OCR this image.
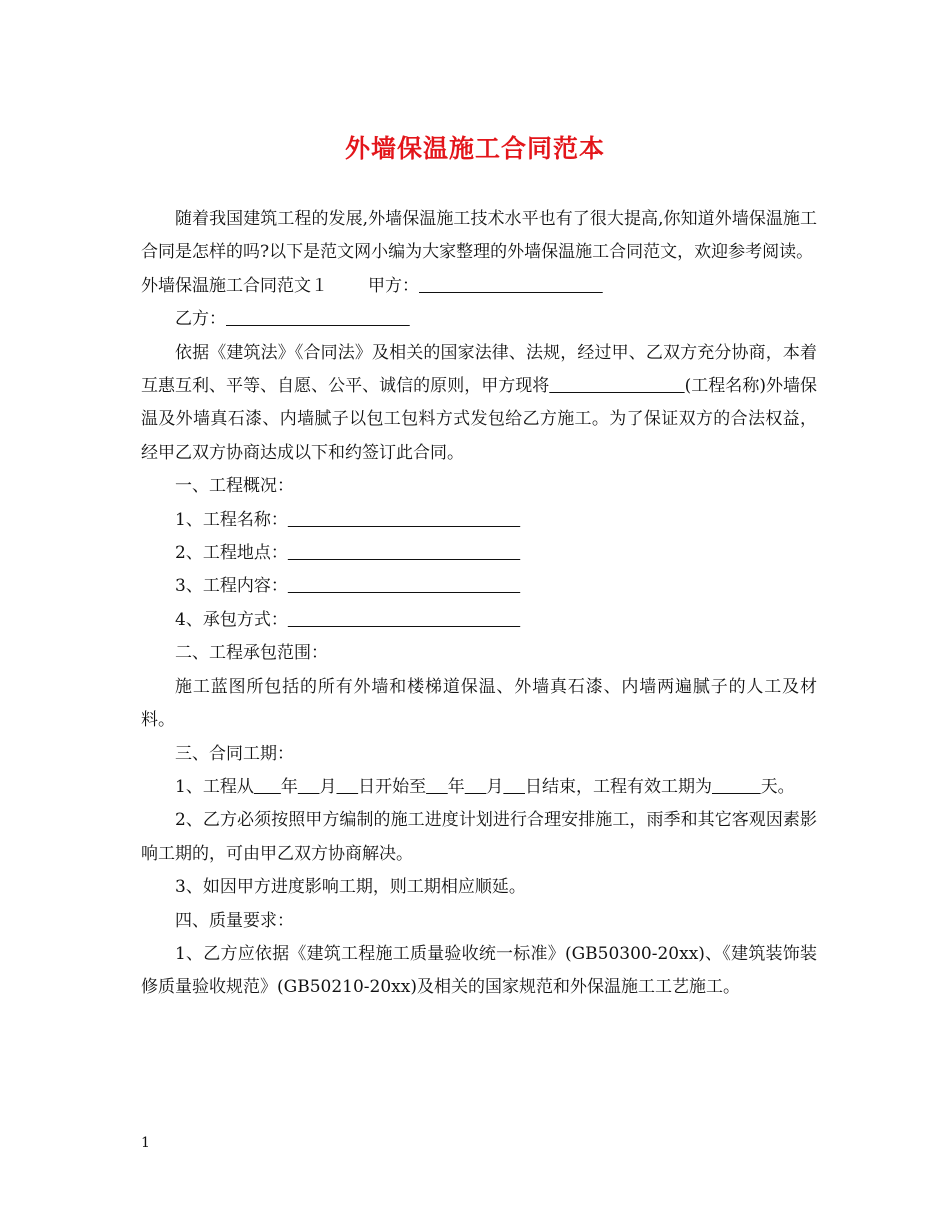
外墙保温施工合同范本

随着我国建筑工程的发展,外墙保温施工技术水平也有了很大提高,你知道外墙保温施工合同是怎样的吗?以下是范文网小编为大家整理的外墙保温施工合同范文，欢迎参考阅读。

外墙保温施工合同范文１ 甲方：

乙方：

依据《建筑法》《合同法》及相关的国家法律、法规，经过甲、乙双方充分协商，本着互惠互利、平等、自愿、公平、诚信的原则，甲方现将	(工程名称)外墙保温及外墙真石漆、内墙腻子以包工包料方式发包给乙方施工。为了保证双方的合法权益，经甲乙双方协商达成以下和约签订此合同。

一、工程概况：

1、工程名称：

2、工程地点：

3、工程内容：

4、承包方式：

二、工程承包范围：

施工蓝图所包括的所有外墙和楼梯道保温、外墙真石漆、内墙两遍腻子的人工及材料。

三、合同工期：

1、工程从 年 月 日开始至 年 月 日结束，工程有效工期为	天。

2、乙方必须按照甲方编制的施工进度计划进行合理安排施工，雨季和其它客观因素影响工期的，可由甲乙双方协商解决。

3、如因甲方进度影响工期，则工期相应顺延。

四、质量要求：

1、乙方应依据《建筑工程施工质量验收统一标准》(GB50300-20xx)、《建筑装饰装修质量验收规范》(GB50210-20xx)及相关的国家规范和外保温施工工艺施工。

1
